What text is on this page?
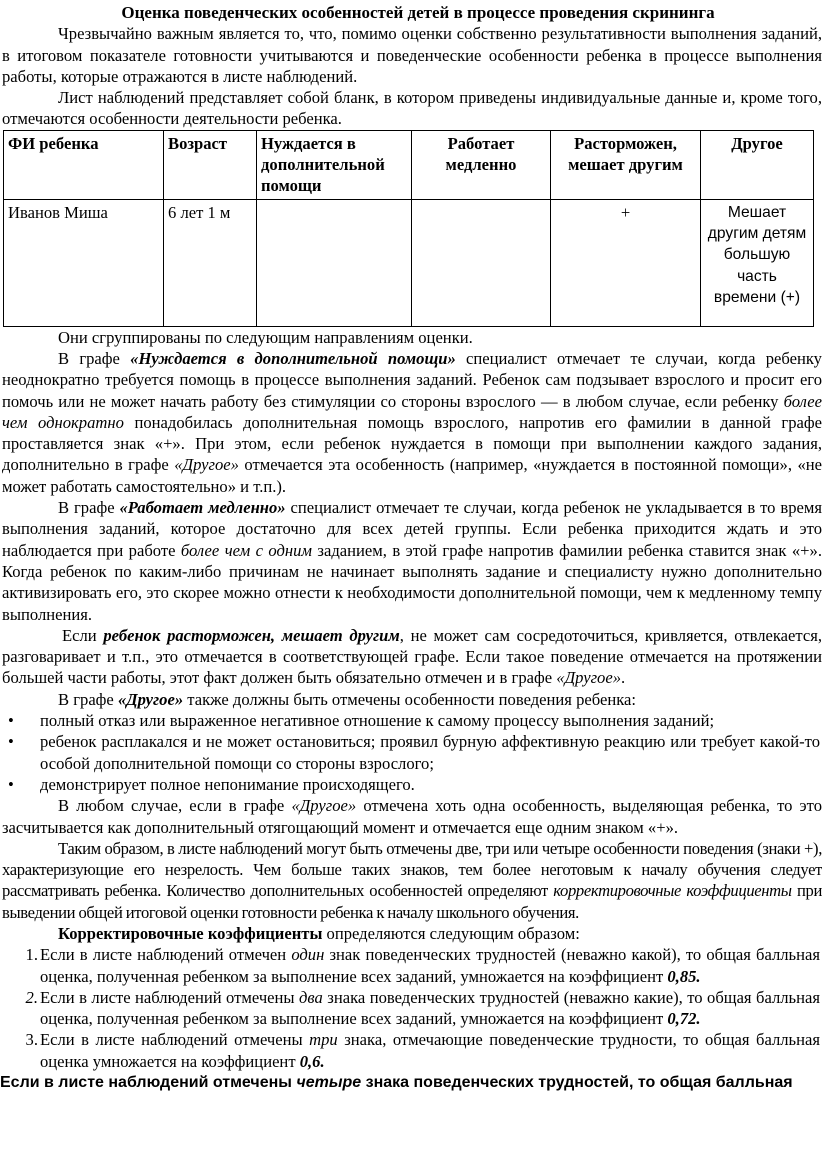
Оценка поведенческих особенностей детей в процессе проведения скрининга

Чрезвычайно важным является то, что, помимо оценки собственно результативности выполнения заданий, в итоговом показателе готовности учитываются и поведенческие особенности ребенка в процессе выполнения работы, которые отражаются в листе наблюдений.

Лист наблюдений представляет собой бланк, в котором приведены индивидуальные данные и, кроме того, отмечаются особенности деятельности ребенка.

ФИ ребенка	Возраст	Нуждается в дополнительной помощи	Работает медленно	Расторможен, мешает другим	Другое
Иванов Миша	6 лет 1 м			+	Мешает другим детям большую часть времени (+)

Они сгруппированы по следующим направлениям оценки.

В графе «Нуждается в дополнительной помощи» специалист отмечает те случаи, когда ребенку неоднократно требуется помощь в процессе выполнения заданий. Ребенок сам подзывает взрослого и просит его помочь или не может начать работу без стимуляции со стороны взрослого — в любом случае, если ребенку более чем однократно понадобилась дополнительная помощь взрослого, напротив его фамилии в данной графе проставляется знак «+». При этом, если ребенок нуждается в помощи при выполнении каждого задания, дополнительно в графе «Другое» отмечается эта особенность (например, «нуждается в постоянной помощи», «не может работать самостоятельно» и т.п.).

В графе «Работает медленно» специалист отмечает те случаи, когда ребенок не укладывается в то время выполнения заданий, которое достаточно для всех детей группы. Если ребенка приходится ждать и это наблюдается при работе более чем с одним заданием, в этой графе напротив фамилии ребенка ставится знак «+». Когда ребенок по каким-либо причинам не начинает выполнять задание и специалисту нужно дополнительно активизировать его, это скорее можно отнести к необходимости дополнительной помощи, чем к медленному темпу выполнения.

Если ребенок расторможен, мешает другим, не может сам сосредоточиться, кривляется, отвлекается, разговаривает и т.п., это отмечается в соответствующей графе. Если такое поведение отмечается на протяжении большей части работы, этот факт должен быть обязательно отмечен и в графе «Другое».

В графе «Другое» также должны быть отмечены особенности поведения ребенка:

• полный отказ или выраженное негативное отношение к самому процессу выполнения заданий;
• ребенок расплакался и не может остановиться; проявил бурную аффективную реакцию или требует какой-то особой дополнительной помощи со стороны взрослого;
• демонстрирует полное непонимание происходящего.

В любом случае, если в графе «Другое» отмечена хоть одна особенность, выделяющая ребенка, то это засчитывается как дополнительный отягощающий момент и отмечается еще одним знаком «+».

Таким образом, в листе наблюдений могут быть отмечены две, три или четыре особенности поведения (знаки +), характеризующие его незрелость. Чем больше таких знаков, тем более неготовым к началу обучения следует рассматривать ребенка. Количество дополнительных особенностей определяют корректировочные коэффициенты при выведении общей итоговой оценки готовности ребенка к началу школьного обучения.

Корректировочные коэффициенты определяются следующим образом:

1. Если в листе наблюдений отмечен один знак поведенческих трудностей (неважно какой), то общая балльная оценка, полученная ребенком за выполнение всех заданий, умножается на коэффициент 0,85.

2. Если в листе наблюдений отмечены два знака поведенческих трудностей (неважно какие), то общая балльная оценка, полученная ребенком за выполнение всех заданий, умножается на коэффициент 0,72.

3. Если в листе наблюдений отмечены три знака, отмечающие поведенческие трудности, то общая балльная оценка умножается на коэффициент 0,6.

Если в листе наблюдений отмечены четыре знака поведенческих трудностей, то общая балльная
